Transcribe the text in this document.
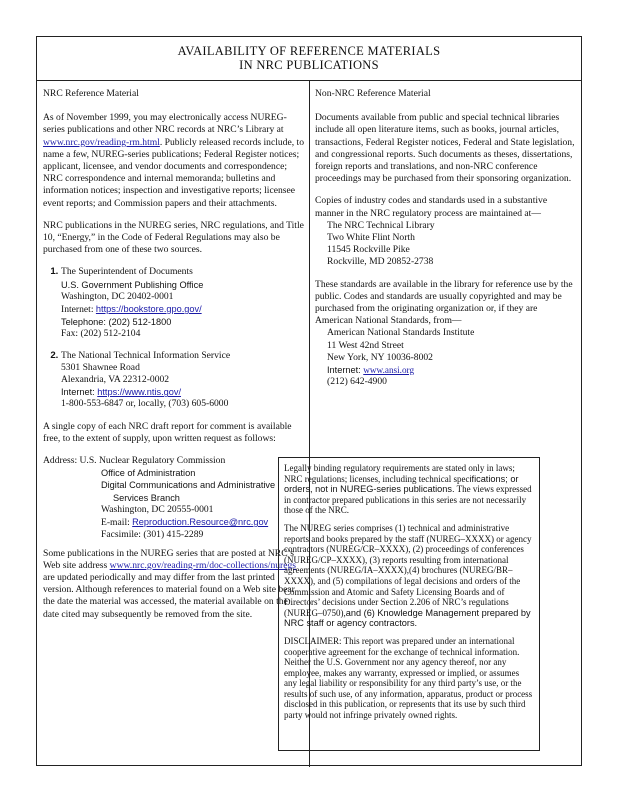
AVAILABILITY OF REFERENCE MATERIALS
IN NRC PUBLICATIONS
NRC Reference Material

As of November 1999, you may electronically access NUREG-series publications and other NRC records at NRC’s Library at www.nrc.gov/reading-rm.html. Publicly released records include, to name a few, NUREG-series publications; Federal Register notices; applicant, licensee, and vendor documents and correspondence; NRC correspondence and internal memoranda; bulletins and information notices; inspection and investigative reports; licensee event reports; and Commission papers and their attachments.

NRC publications in the NUREG series, NRC regulations, and Title 10, “Energy,” in the Code of Federal Regulations may also be purchased from one of these two sources.

1. The Superintendent of Documents
U.S. Government Publishing Office
Washington, DC 20402-0001
Internet: https://bookstore.gpo.gov/
Telephone: (202) 512-1800
Fax: (202) 512-2104
2. The National Technical Information Service
5301 Shawnee Road
Alexandria, VA 22312-0002
Internet: https://www.ntis.gov/
1-800-553-6847 or, locally, (703) 605-6000

A single copy of each NRC draft report for comment is available free, to the extent of supply, upon written request as follows:

Address: U.S. Nuclear Regulatory Commission
Office of Administration
Digital Communications and Administrative
Services Branch
Washington, DC 20555-0001
E-mail: Reproduction.Resource@nrc.gov
Facsimile: (301) 415-2289

Some publications in the NUREG series that are posted at NRC’s Web site address www.nrc.gov/reading-rm/doc-collections/nuregs are updated periodically and may differ from the last printed version. Although references to material found on a Web site bear the date the material was accessed, the material available on the date cited may subsequently be removed from the site.

Non-NRC Reference Material

Documents available from public and special technical libraries include all open literature items, such as books, journal articles, transactions, Federal Register notices, Federal and State legislation, and congressional reports. Such documents as theses, dissertations, foreign reports and translations, and non-NRC conference proceedings may be purchased from their sponsoring organization.

Copies of industry codes and standards used in a substantive manner in the NRC regulatory process are maintained at—

The NRC Technical Library
Two White Flint North
11545 Rockville Pike
Rockville, MD 20852-2738

These standards are available in the library for reference use by the public. Codes and standards are usually copyrighted and may be purchased from the originating organization or, if they are American National Standards, from—

American National Standards Institute
11 West 42nd Street
New York, NY 10036-8002
Internet: www.ansi.org
(212) 642-4900

Legally binding regulatory requirements are stated only in laws; NRC regulations; licenses, including technical specifications; or orders, not in NUREG-series publications. The views expressed in contractor prepared publications in this series are not necessarily those of the NRC.

The NUREG series comprises (1) technical and administrative reports and books prepared by the staff (NUREG–XXXX) or agency contractors (NUREG/CR–XXXX), (2) proceedings of conferences (NUREG/CP–XXXX), (3) reports resulting from international agreements (NUREG/IA–XXXX),(4) brochures (NUREG/BR–XXXX), and (5) compilations of legal decisions and orders of the Commission and Atomic and Safety Licensing Boards and of Directors’ decisions under Section 2.206 of NRC’s regulations (NUREG–0750),and (6) Knowledge Management prepared by NRC staff or agency contractors.

DISCLAIMER: This report was prepared under an international cooperative agreement for the exchange of technical information. Neither the U.S. Government nor any agency thereof, nor any employee, makes any warranty, expressed or implied, or assumes any legal liability or responsibility for any third party’s use, or the results of such use, of any information, apparatus, product or process disclosed in this publication, or represents that its use by such third party would not infringe privately owned rights.
